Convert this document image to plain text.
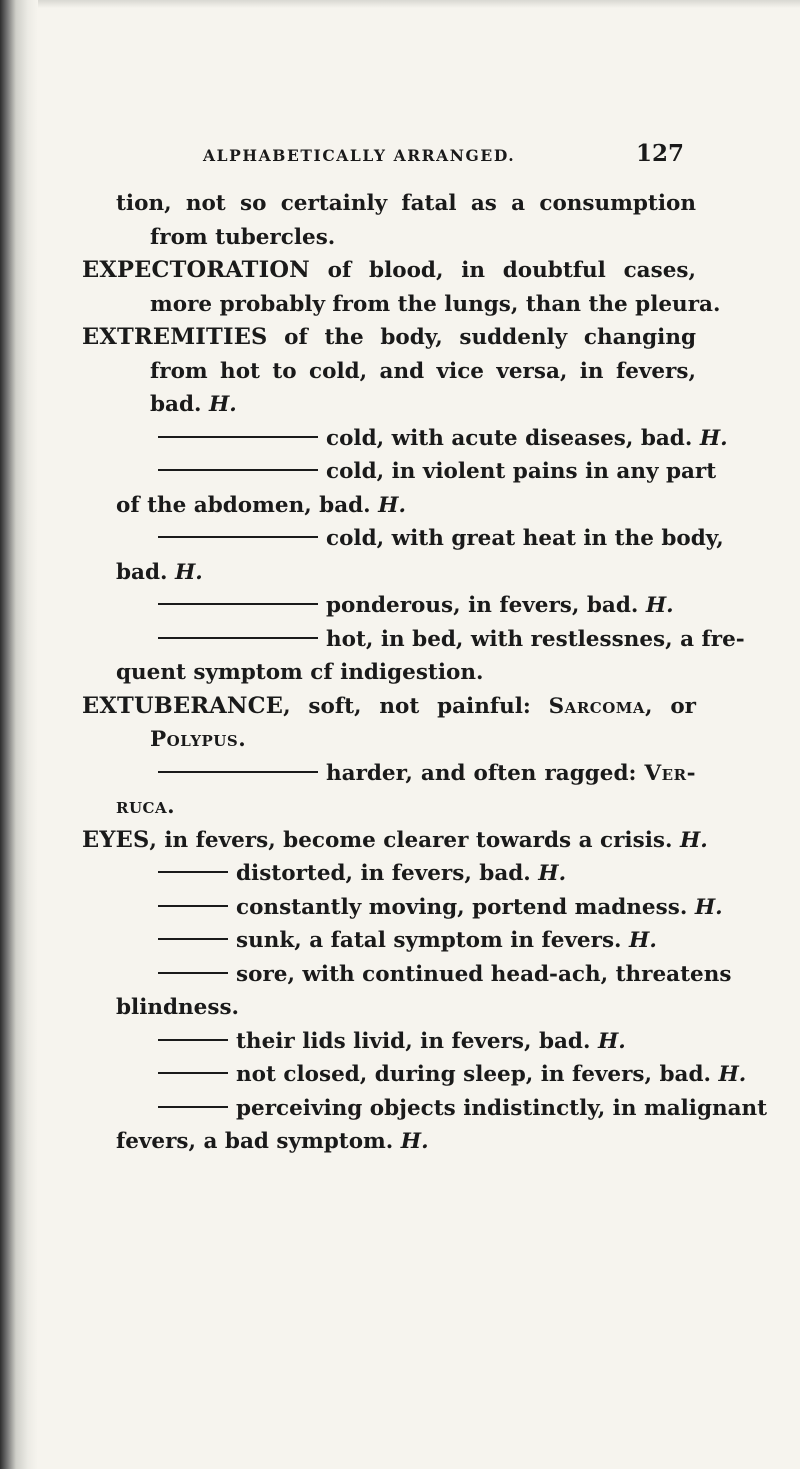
ALPHABETICALLY ARRANGED.	127
tion, not so certainly fatal as a consumption
from tubercles.
EXPECTORATION of blood, in doubtful cases,
more probably from the lungs, than the pleura.
EXTREMITIES of the body, suddenly changing
from hot to cold, and vice versa, in fevers,
bad. H.
cold, with acute diseases, bad. H.
cold, in violent pains in any part
of the abdomen, bad. H.
cold, with great heat in the body,
bad. H.
ponderous, in fevers, bad. H.
hot, in bed, with restlessnes, a fre-
quent symptom cf indigestion.
EXTUBERANCE, soft, not painful: Sarcoma, or
Polypus.
harder, and often ragged: Ver-
ruca.
EYES, in fevers, become clearer towards a crisis. H.
distorted, in fevers, bad. H.
constantly moving, portend madness. H.
sunk, a fatal symptom in fevers. H.
sore, with continued head-ach, threatens
blindness.
their lids livid, in fevers, bad. H.
not closed, during sleep, in fevers, bad. H.
perceiving objects indistinctly, in malignant
fevers, a bad symptom. H.
